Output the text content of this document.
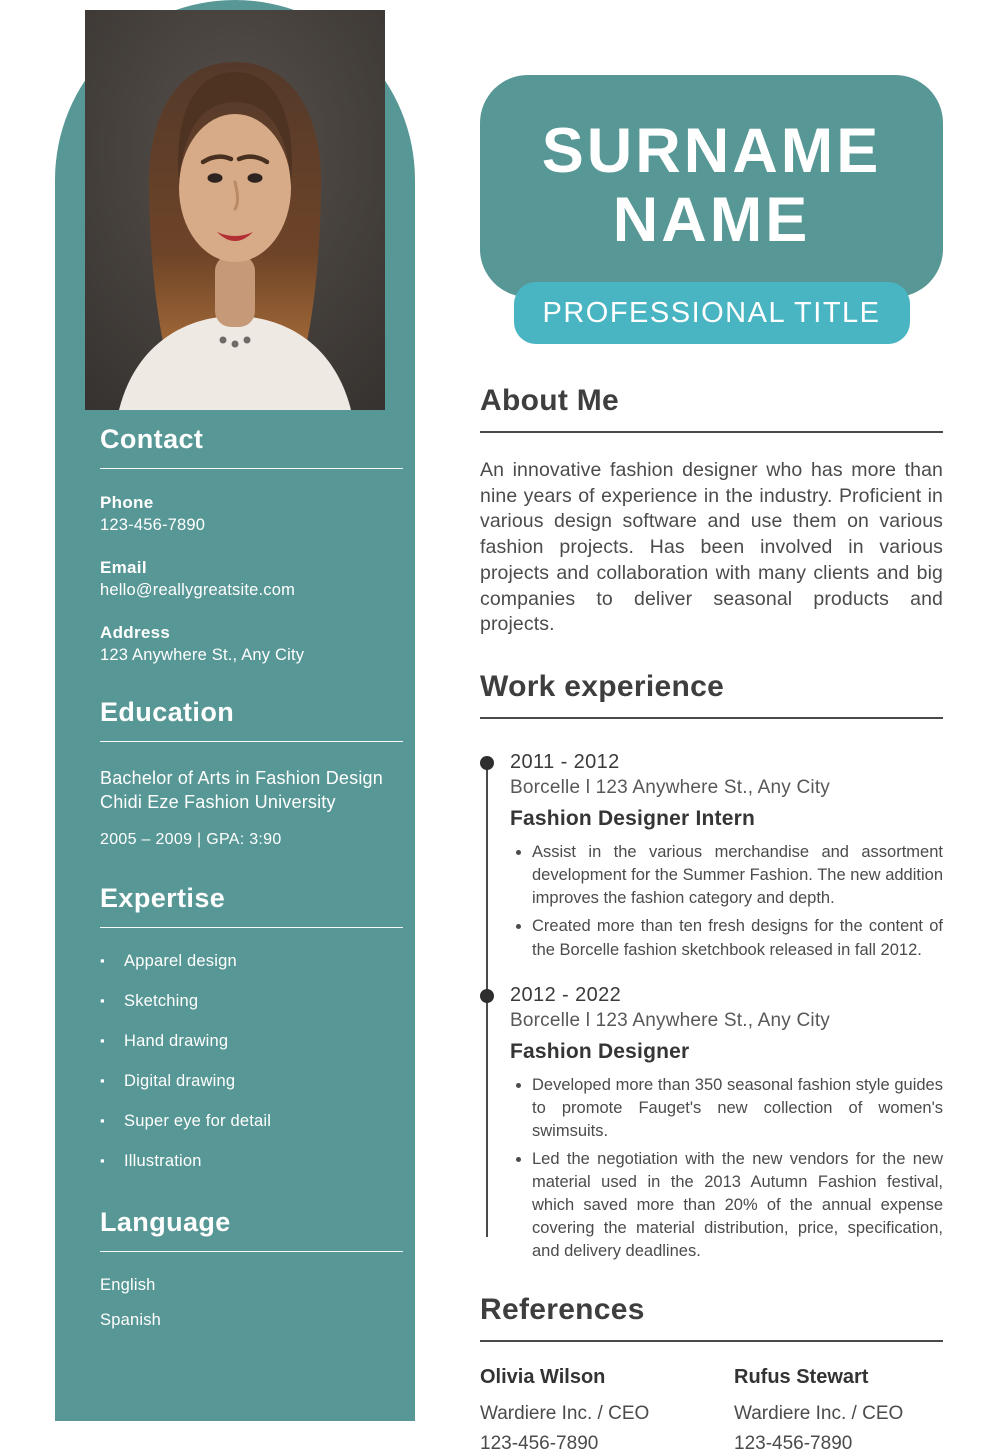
Contact
Phone
123-456-7890
Email
hello@reallygreatsite.com
Address
123 Anywhere St., Any City
Education
Bachelor of Arts in Fashion Design
Chidi Eze Fashion University
2005 – 2009 | GPA: 3:90
Expertise
▪ Apparel design
▪ Sketching
▪ Hand drawing
▪ Digital drawing
▪ Super eye for detail
▪ Illustration
Language
English
Spanish
SURNAME
NAME
PROFESSIONAL TITLE
About Me

An innovative fashion designer who has more than nine years of experience in the industry. Proficient in various design software and use them on various fashion projects. Has been involved in various projects and collaboration with many clients and big companies to deliver seasonal products and projects.

Work experience
2011 - 2012
Borcelle l 123 Anywhere St., Any City
Fashion Designer Intern
• Assist in the various merchandise and assortment development for the Summer Fashion. The new addition improves the fashion category and depth.
• Created more than ten fresh designs for the content of the Borcelle fashion sketchbook released in fall 2012.
2012 - 2022
Borcelle l 123 Anywhere St., Any City
Fashion Designer
• Developed more than 350 seasonal fashion style guides to promote Fauget's new collection of women's swimsuits.
• Led the negotiation with the new vendors for the new material used in the 2013 Autumn Fashion festival, which saved more than 20% of the annual expense covering the material distribution, price, specification, and delivery deadlines.
References
Olivia Wilson
Wardiere Inc. / CEO
123-456-7890
Rufus Stewart
Wardiere Inc. / CEO
123-456-7890
